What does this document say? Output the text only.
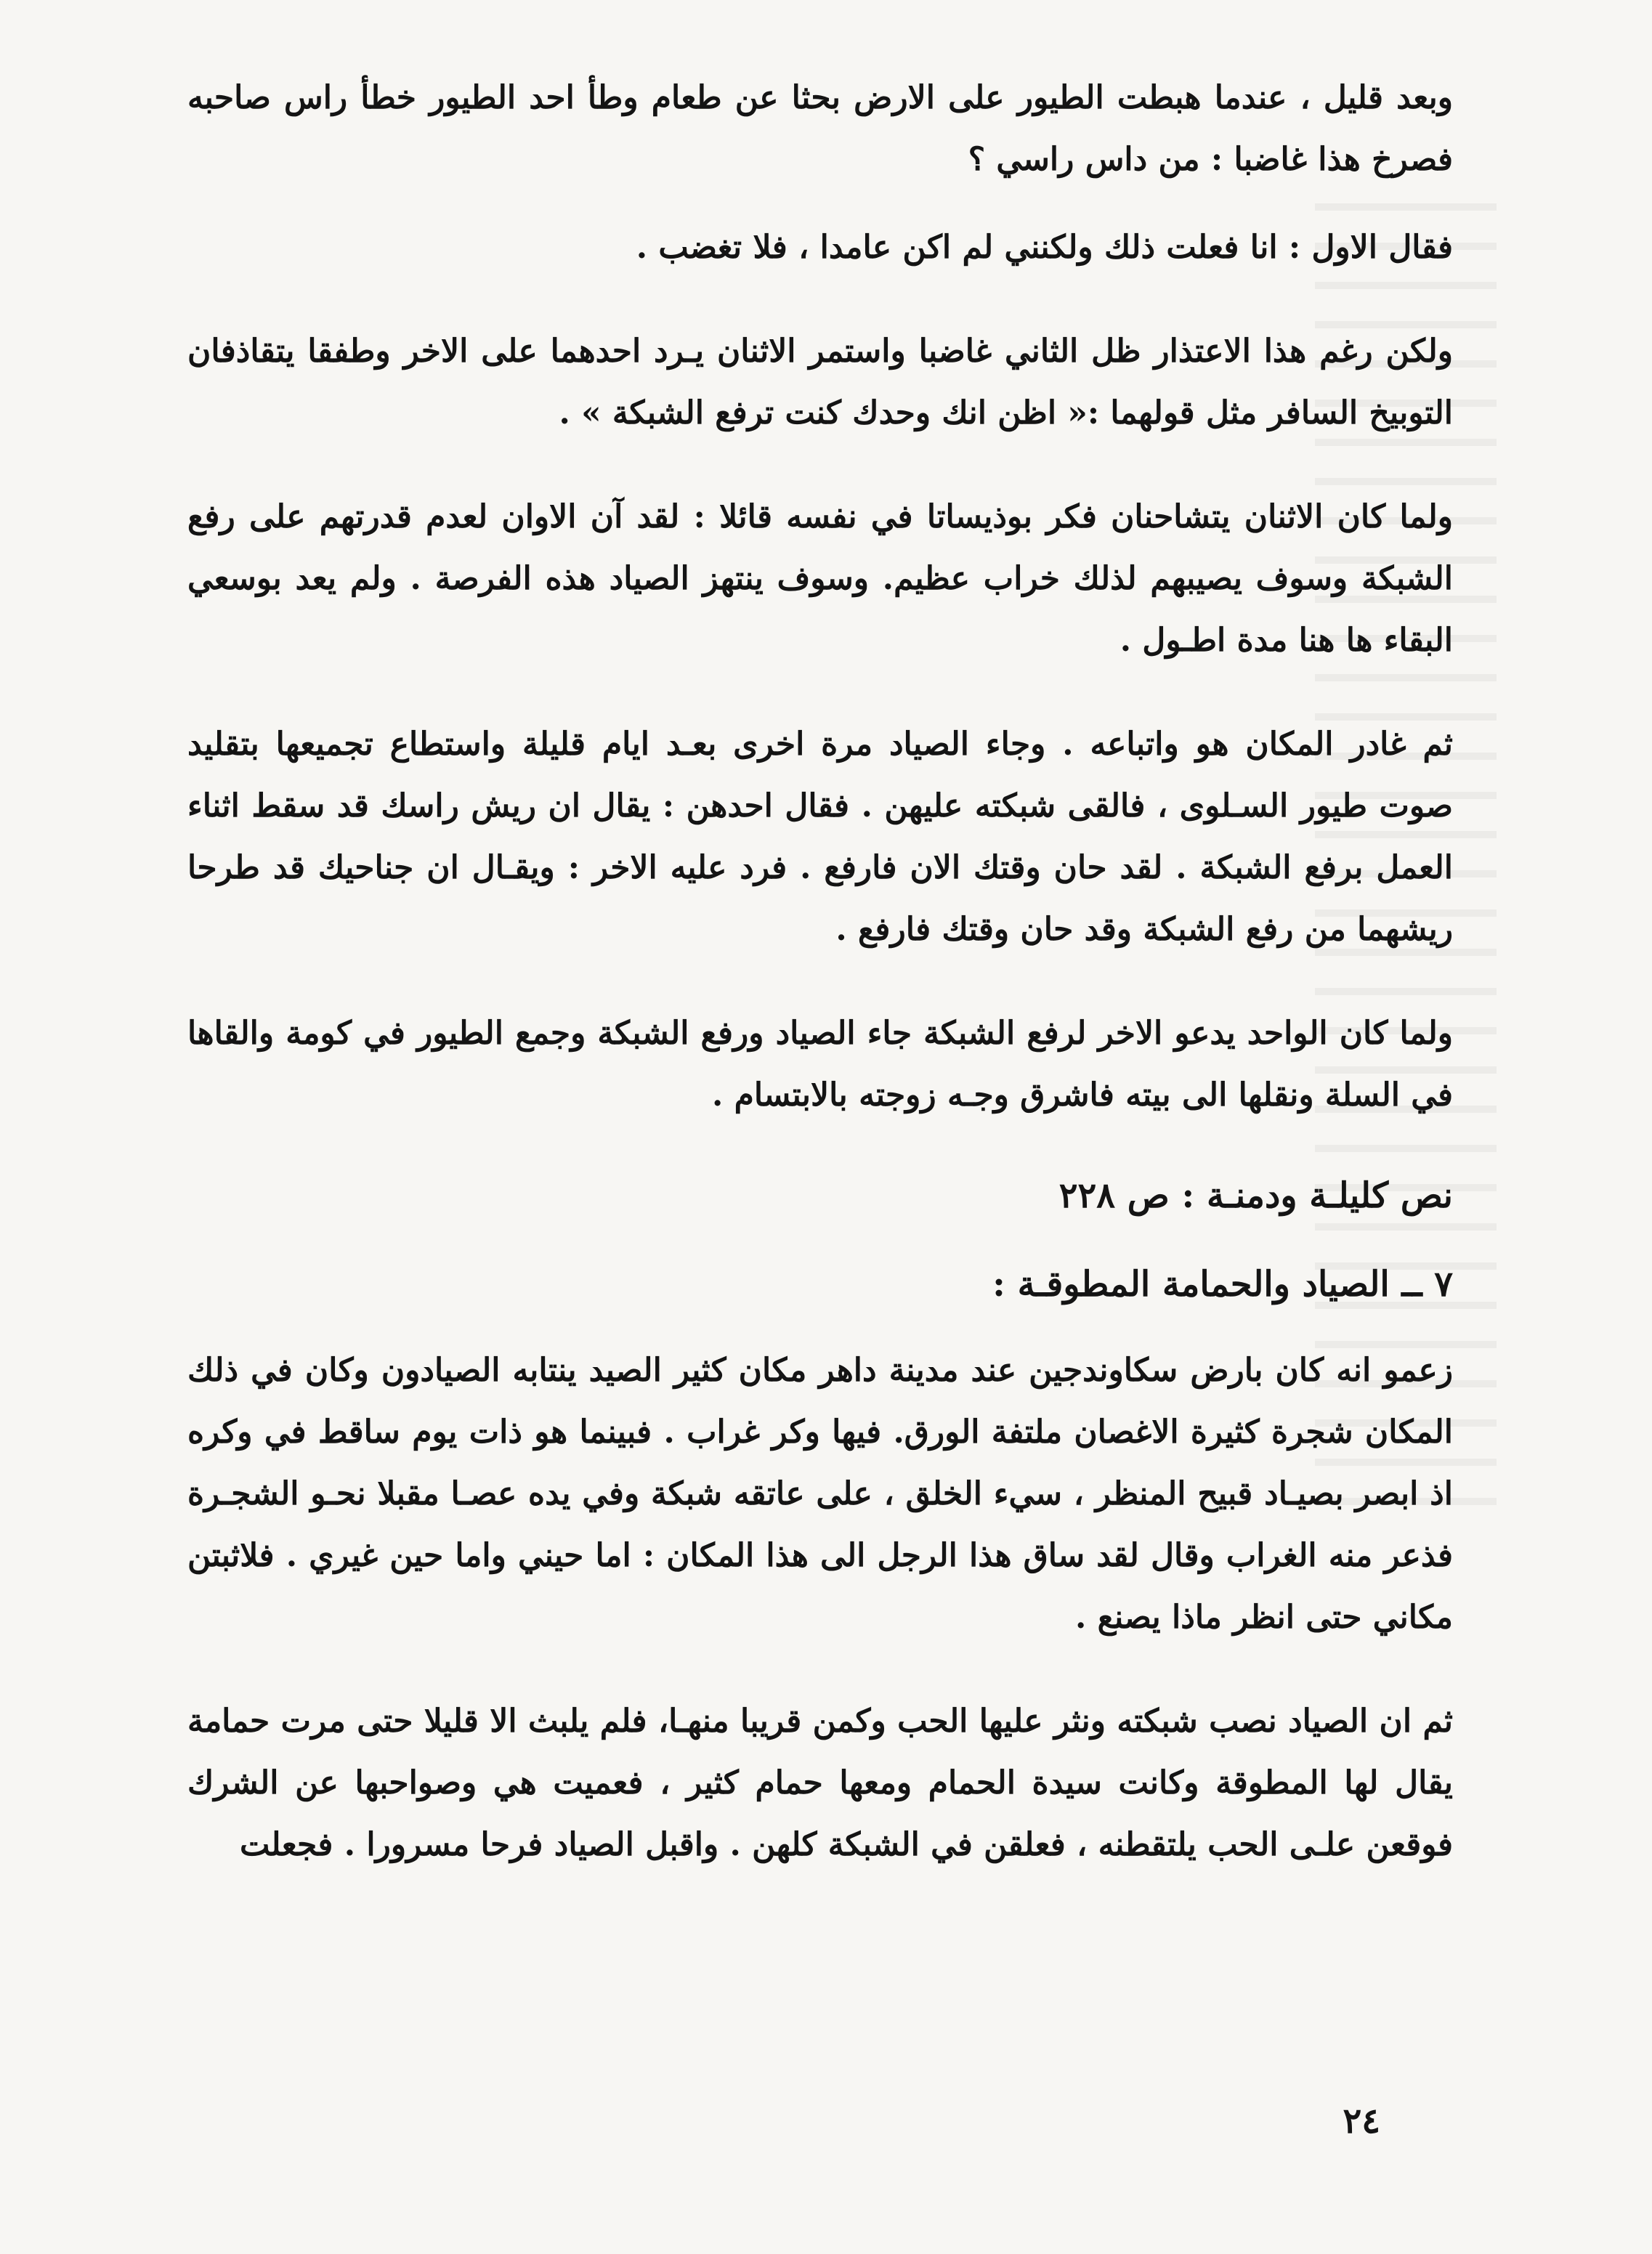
وبعد قليل ، عندما هبطت الطيور على الارض بحثا عن طعام وطأ احد الطيور خطأ راس صاحبه فصرخ هذا غاضبا : من داس راسي ؟

فقال الاول : انا فعلت ذلك ولكنني لم اكن عامدا ، فلا تغضب .

ولكن رغم هذا الاعتذار ظل الثاني غاضبا واستمر الاثنان يـرد احدهما على الاخر وطفقا يتقاذفان التوبيخ السافر مثل قولهما :« اظن انك وحدك كنت ترفع الشبكة » .

ولما كان الاثنان يتشاحنان فكر بوذيساتا في نفسه قائلا : لقد آن الاوان لعدم قدرتهم على رفع الشبكة وسوف يصيبهم لذلك خراب عظيم. وسوف ينتهز الصياد هذه الفرصة . ولم يعد بوسعي البقاء ها هنا مدة اطـول .

ثم غادر المكان هو واتباعه . وجاء الصياد مرة اخرى بعـد ايام قليلة واستطاع تجميعها بتقليد صوت طيور السـلوى ، فالقى شبكته عليهن . فقال احدهن : يقال ان ريش راسك قد سقط اثناء العمل برفع الشبكة . لقد حان وقتك الان فارفع . فرد عليه الاخر : ويقـال ان جناحيك قد طرحا ريشهما من رفع الشبكة وقد حان وقتك فارفع .

ولما كان الواحد يدعو الاخر لرفع الشبكة جاء الصياد ورفع الشبكة وجمع الطيور في كومة والقاها في السلة ونقلها الى بيته فاشرق وجـه زوجته بالابتسام .

نص كليلـة ودمنـة : ص ٢٢٨
٧ ــ الصياد والحمامة المطوقـة :

زعمو انه كان بارض سكاوندجين عند مدينة داهر مكان كثير الصيد ينتابه الصيادون وكان في ذلك المكان شجرة كثيرة الاغصان ملتفة الورق. فيها وكر غراب . فبينما هو ذات يوم ساقط في وكره اذ ابصر بصيـاد قبيح المنظر ، سيء الخلق ، على عاتقه شبكة وفي يده عصـا مقبلا نحـو الشجـرة فذعر منه الغراب وقال لقد ساق هذا الرجل الى هذا المكان : اما حيني واما حين غيري . فلاثبتن مكاني حتى انظر ماذا يصنع .

ثم ان الصياد نصب شبكته ونثر عليها الحب وكمن قريبا منهـا، فلم يلبث الا قليلا حتى مرت حمامة يقال لها المطوقة وكانت سيدة الحمام ومعها حمام كثير ، فعميت هي وصواحبها عن الشرك فوقعن علـى الحب يلتقطنه ، فعلقن في الشبكة كلهن . واقبل الصياد فرحا مسرورا . فجعلت

٢٤
